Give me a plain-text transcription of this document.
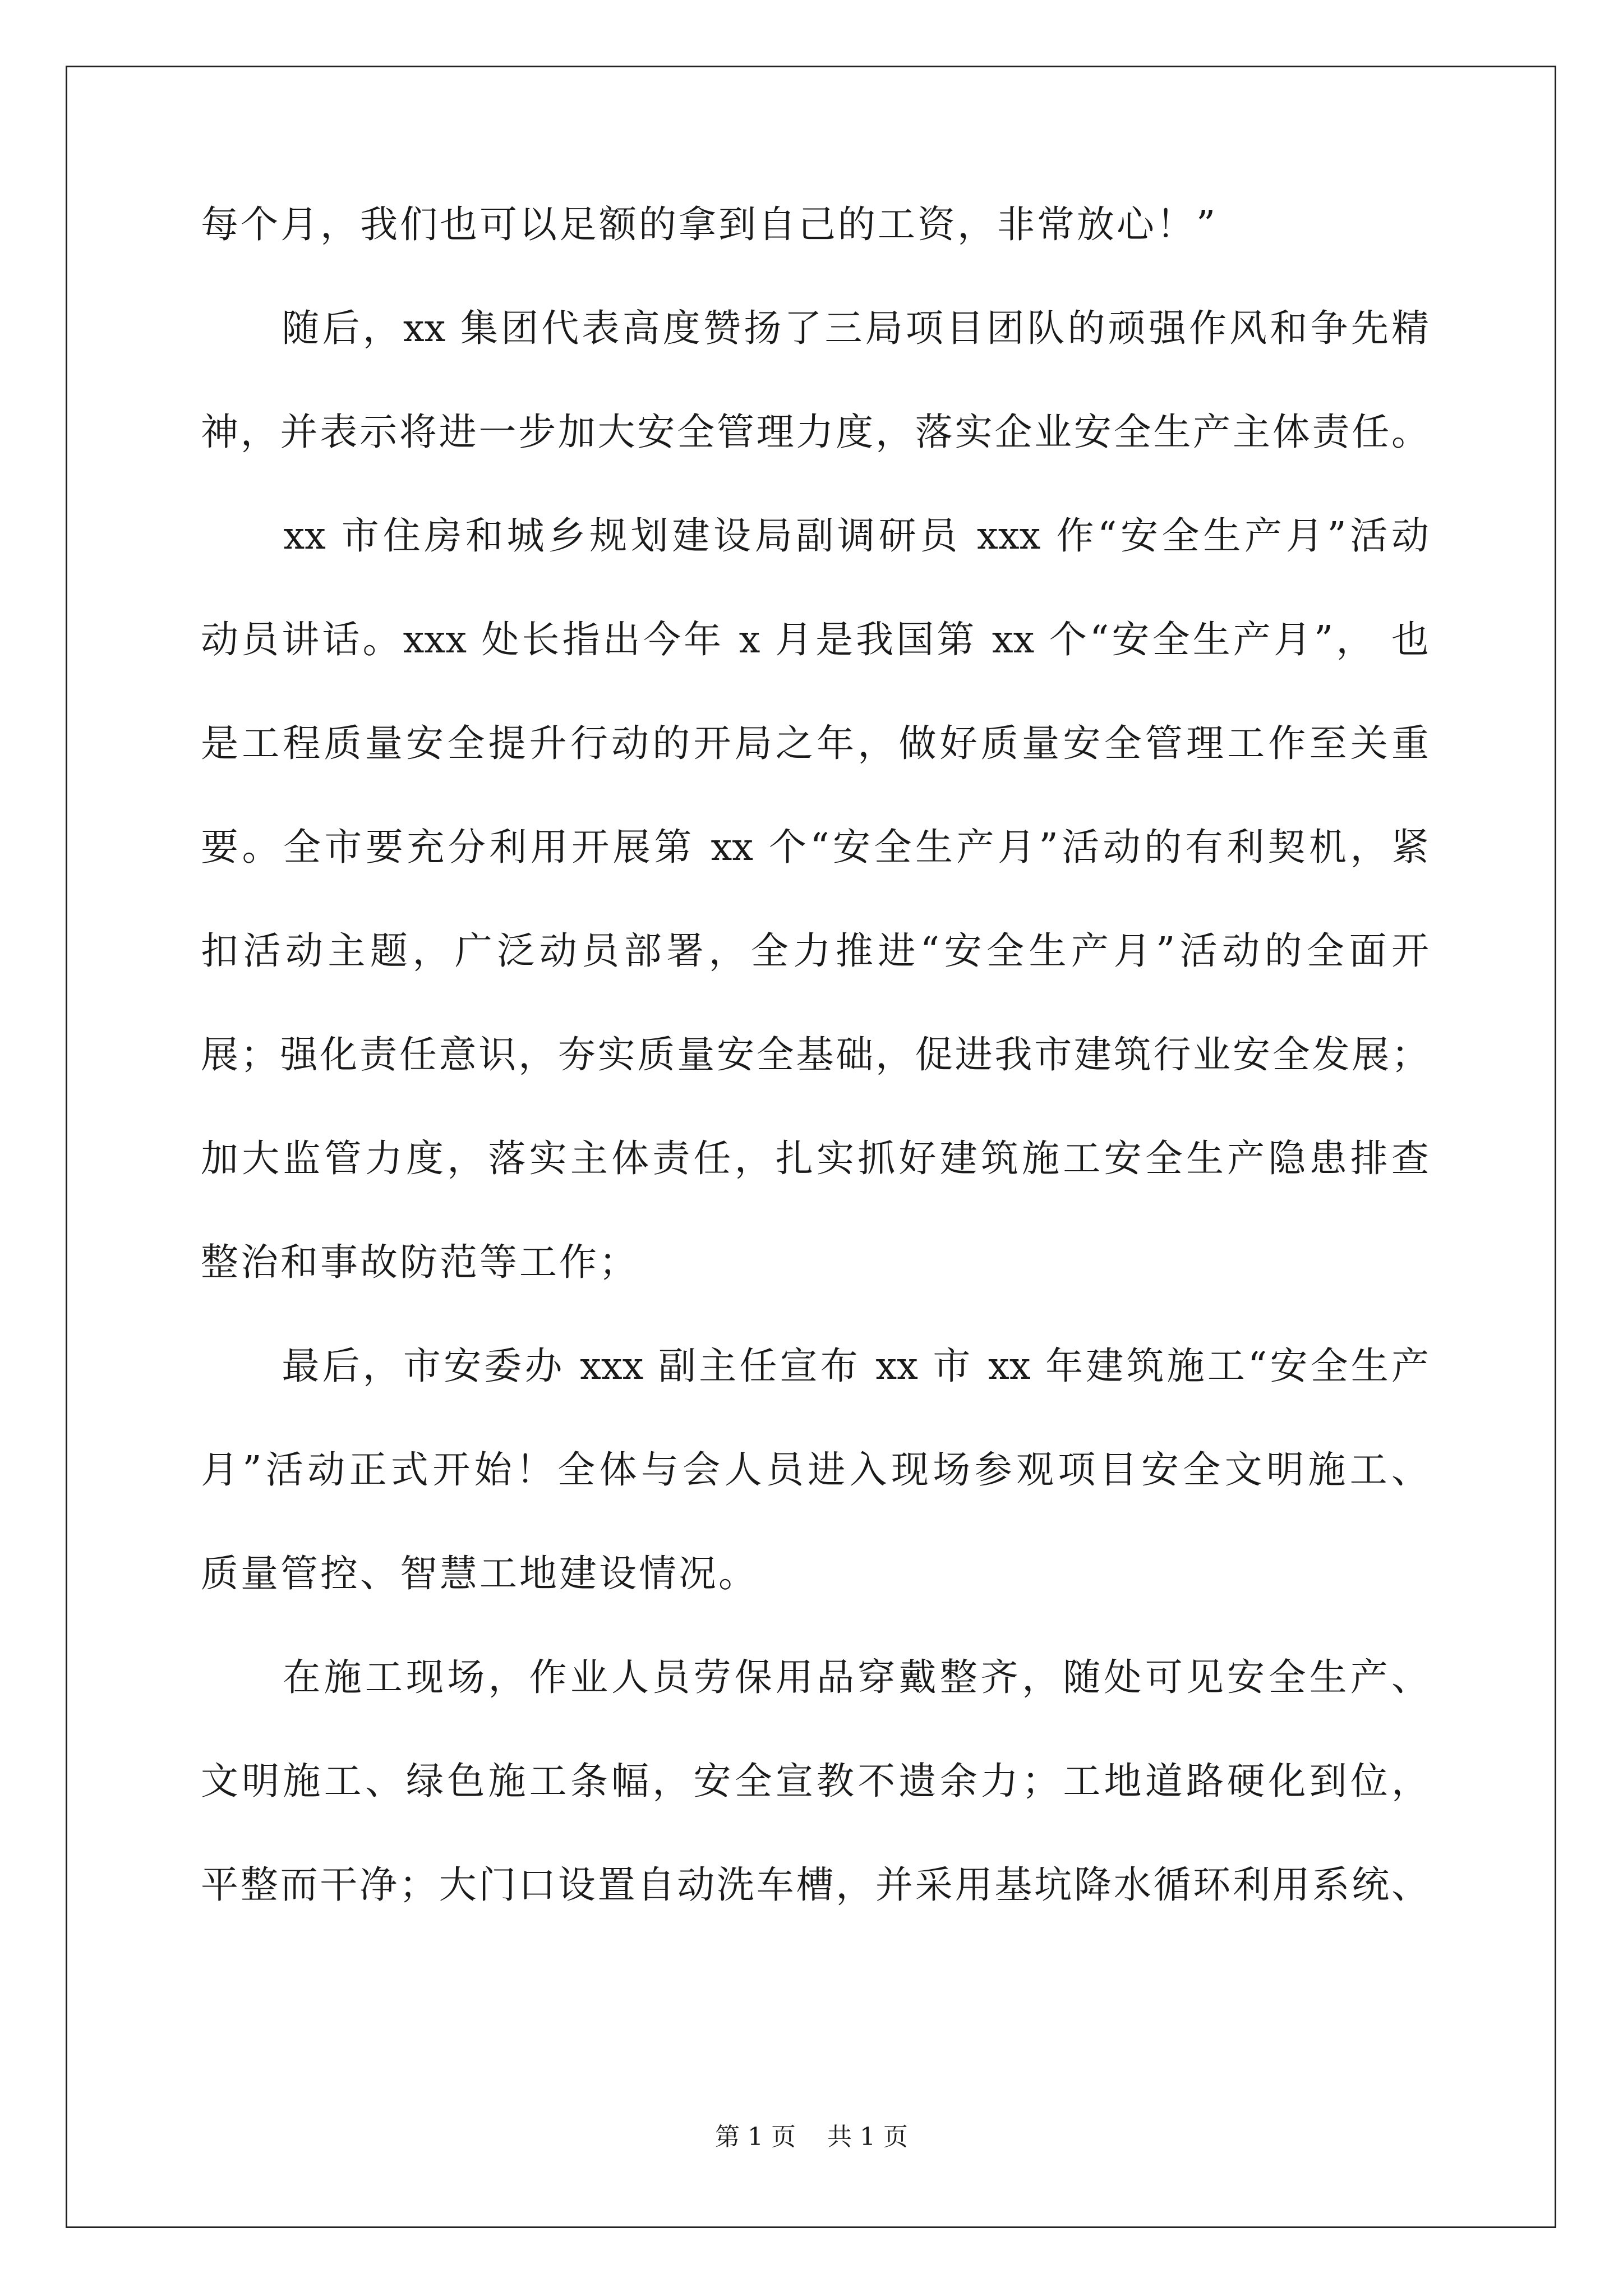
每个月，我们也可以足额的拿到自己的工资，非常放心！”
　　随后，xx 集团代表高度赞扬了三局项目团队的顽强作风和争先精
神，并表示将进一步加大安全管理力度，落实企业安全生产主体责任。
　　xx 市住房和城乡规划建设局副调研员 xxx 作“安全生产月”活动
动员讲话。xxx 处长指出今年 x 月是我国第 xx 个“安全生产月”， 也
是工程质量安全提升行动的开局之年，做好质量安全管理工作至关重
要。全市要充分利用开展第 xx 个“安全生产月”活动的有利契机，紧
扣活动主题，广泛动员部署，全力推进“安全生产月”活动的全面开
展；强化责任意识，夯实质量安全基础，促进我市建筑行业安全发展；
加大监管力度，落实主体责任，扎实抓好建筑施工安全生产隐患排查
整治和事故防范等工作；
　　最后，市安委办 xxx 副主任宣布 xx 市 xx 年建筑施工“安全生产
月”活动正式开始！全体与会人员进入现场参观项目安全文明施工、
质量管控、智慧工地建设情况。
　　在施工现场，作业人员劳保用品穿戴整齐，随处可见安全生产、
文明施工、绿色施工条幅，安全宣教不遗余力；工地道路硬化到位，
平整而干净；大门口设置自动洗车槽，并采用基坑降水循环利用系统、
第 1 页    共 1 页
